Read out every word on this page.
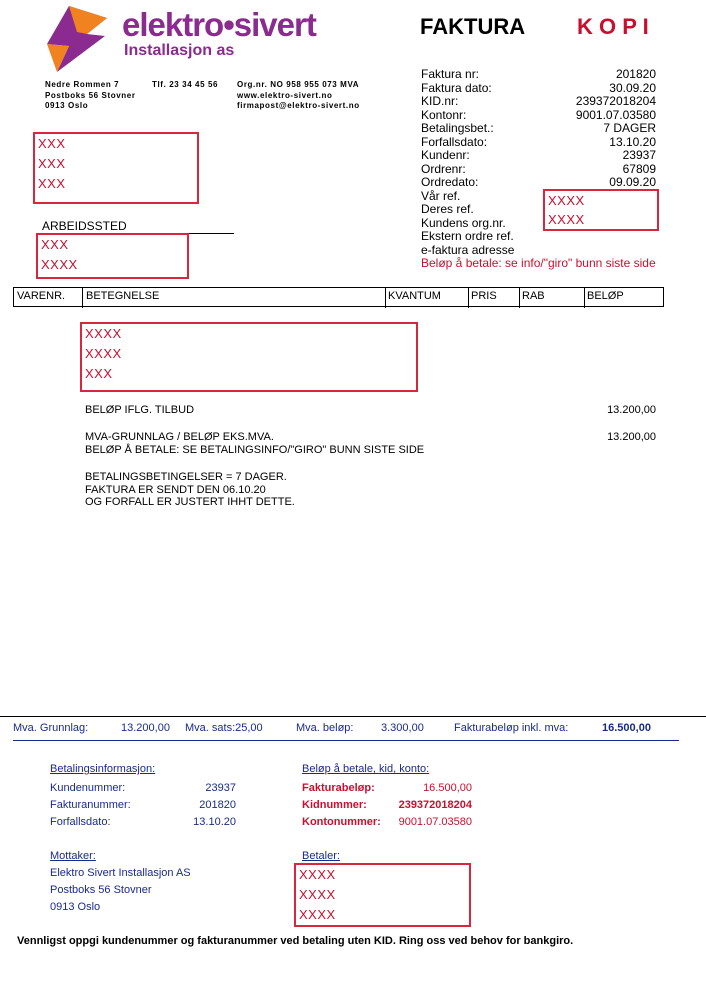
elektro•sivert
Installasjon as
Nedre Rommen 7
Postboks 56 Stovner
0913 Oslo
Tlf. 23 34 45 56 Org.nr. NO 958 955 073 MVA
www.elektro-sivert.no
firmapost@elektro-sivert.no
FAKTURA K O P I
Faktura nr:	201820
Faktura dato:	30.09.20
KID.nr:	239372018204
Kontonr:	9001.07.03580
Betalingsbet.:	7 DAGER
Forfallsdato:	13.10.20
Kundenr:	23937
Ordrenr:	67809
Ordredato:	09.09.20
Vår ref.
Deres ref.
Kundens org.nr.
Ekstern ordre ref.
e-faktura adresse
Beløp å betale: se info/"giro" bunn siste side
XXXX
XXXX
XXX
XXX
XXX
ARBEIDSSTED
XXX
XXXX
VARENR. BETEGNELSE	KVANTUM	PRIS RAB	BELØP
XXXX
XXXX
XXX
BELØP IFLG. TILBUD	13.200,00
MVA-GRUNNLAG / BELØP EKS.MVA.	13.200,00
BELØP Å BETALE: SE BETALINGSINFO/"GIRO" BUNN SISTE SIDE
BETALINGSBETINGELSER = 7 DAGER.
FAKTURA ER SENDT DEN 06.10.20
OG FORFALL ER JUSTERT IHHT DETTE.
Mva. Grunnlag:	13.200,00 Mva. sats:25,00	Mva. beløp:	3.300,00	Fakturabeløp inkl. mva:	16.500,00
Betalingsinformasjon:
Kundenummer:	23937
Fakturanummer:	201820
Forfallsdato:	13.10.20
Beløp å betale, kid, konto:
Fakturabeløp:	16.500,00
Kidnummer:	239372018204
Kontonummer: 9001.07.03580
Mottaker:
Elektro Sivert Installasjon AS
Postboks 56 Stovner
0913 Oslo
Betaler:
XXXX
XXXX
XXXX
Vennligst oppgi kundenummer og fakturanummer ved betaling uten KID. Ring oss ved behov for bankgiro.
